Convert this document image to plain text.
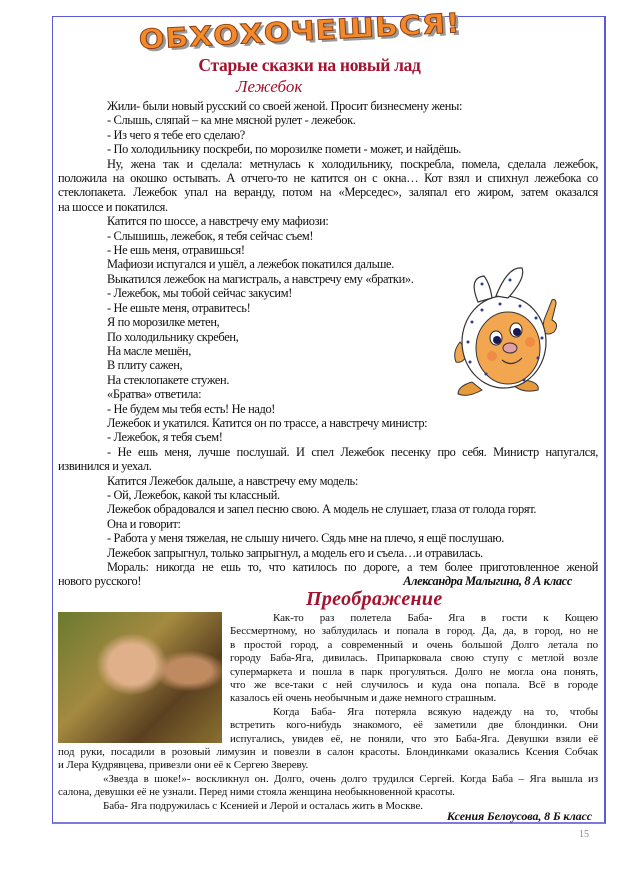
ОБХОХОЧЕШЬСЯ!
Старые сказки на новый лад
Лежебок
Жили- были новый русский со своей женой. Просит бизнесмену жены:
- Слышь, сляпай – ка мне мясной рулет - лежебок.
- Из чего я тебе его сделаю?
- По холодильнику поскреби, по морозилке помети - может, и найдёшь.
Ну, жена так и сделала: метнулась к холодильнику, поскребла, помела, сделала лежебок,
положила на окошко остывать. А отчего-то не катится он с окна… Кот взял и спихнул лежебока со
стеклопакета. Лежебок упал на веранду, потом на «Мерседес», заляпал его жиром, затем оказался
на шоссе и покатился.
Катится по шоссе, а навстречу ему мафиози:
- Слышишь, лежебок, я тебя сейчас съем!
- Не ешь меня, отравишься!
Мафиози испугался и ушёл, а лежебок покатился дальше.
Выкатился лежебок на магистраль, а навстречу ему «братки».
- Лежебок, мы тобой сейчас закусим!
- Не ешьте меня, отравитесь!
Я по морозилке метен,
По холодильнику скребен,
На масле мешён,
В плиту сажен,
На стеклопакете стужен.
«Братва» ответила:
- Не будем мы тебя есть! Не надо!
Лежебок и укатился. Катится он по трассе, а навстречу министр:
- Лежебок, я тебя съем!
- Не ешь меня, лучше послушай. И спел Лежебок песенку про себя. Министр напугался,
извинился и уехал.
Катится Лежебок дальше, а навстречу ему модель:
- Ой, Лежебок, какой ты классный.
Лежебок обрадовался и запел песню свою. А модель не слушает, глаза от голода горят.
Она и говорит:
- Работа у меня тяжелая, не слышу ничего. Сядь мне на плечо, я ещё послушаю.
Лежебок запрыгнул, только запрыгнул, а модель его и съела…и отравилась.
Мораль: никогда не ешь то, что катилось по дороге, а тем более приготовленное женой
нового русского!	Александра Малыгина, 8 А класс
Преображение
Как-то раз полетела Баба- Яга в гости к Кощею
Бессмертному, но заблудилась и попала в город. Да, да, в город, но не
в простой город, а современный и очень большой Долго летала по
городу Баба-Яга, дивилась. Припарковала свою ступу с метлой возле
супермаркета и пошла в парк прогуляться. Долго не могла она понять,
что же все-таки с ней случилось и куда она попала. Всё в городе
казалось ей очень необычным и даже немного страшным.
Когда Баба- Яга потеряла всякую надежду на то, чтобы
встретить кого-нибудь знакомого, её заметили две блондинки. Они
испугались, увидев её, не поняли, что это Баба-Яга. Девушки взяли её
под руки, посадили в розовый лимузин и повезли в салон красоты. Блондинками оказались Ксения Собчак
и Лера Кудрявцева, привезли они её к Сергею Звереву.
«Звезда в шоке!»- воскликнул он. Долго, очень долго трудился Сергей. Когда Баба – Яга вышла из
салона, девушки её не узнали. Перед ними стояла женщина необыкновенной красоты.
Баба- Яга подружилась с Ксенией и Лерой и осталась жить в Москве.
Ксения Белоусова, 8 Б класс
15
